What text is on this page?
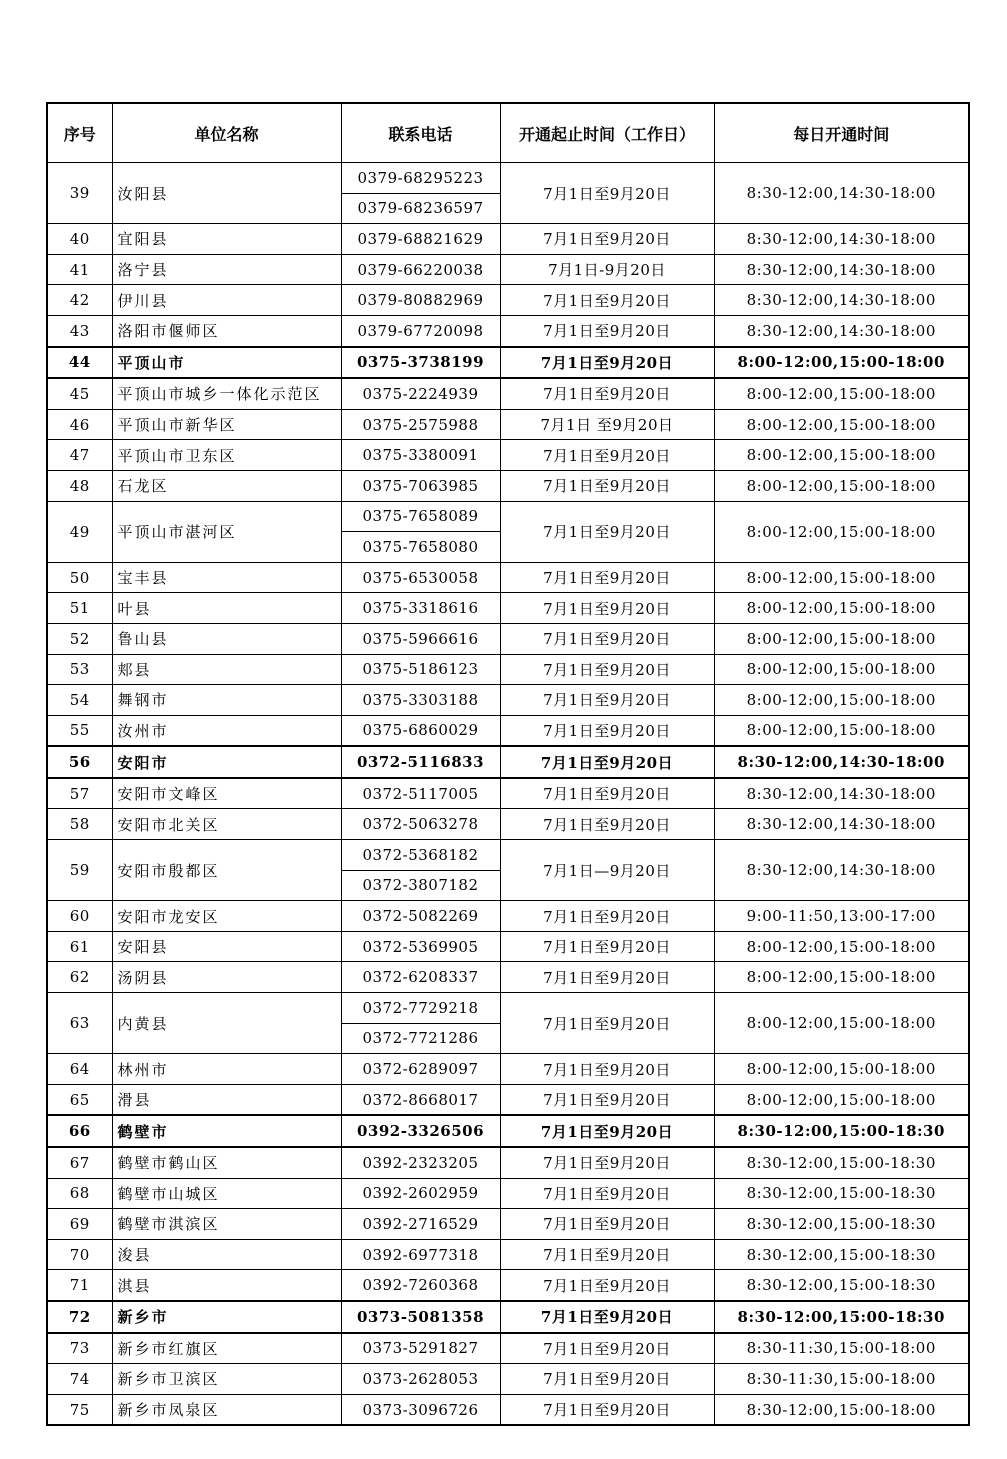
序号	单位名称	联系电话	开通起止时间（工作日）	每日开通时间
39	汝阳县	0379-68295223	7月1日至9月20日	8:30-12:00,14:30-18:00
		0379-68236597		
40	宜阳县	0379-68821629	7月1日至9月20日	8:30-12:00,14:30-18:00
41	洛宁县	0379-66220038	7月1日-9月20日	8:30-12:00,14:30-18:00
42	伊川县	0379-80882969	7月1日至9月20日	8:30-12:00,14:30-18:00
43	洛阳市偃师区	0379-67720098	7月1日至9月20日	8:30-12:00,14:30-18:00
44	平顶山市	0375-3738199	7月1日至9月20日	8:00-12:00,15:00-18:00
45	平顶山市城乡一体化示范区	0375-2224939	7月1日至9月20日	8:00-12:00,15:00-18:00
46	平顶山市新华区	0375-2575988	7月1日 至9月20日	8:00-12:00,15:00-18:00
47	平顶山市卫东区	0375-3380091	7月1日至9月20日	8:00-12:00,15:00-18:00
48	石龙区	0375-7063985	7月1日至9月20日	8:00-12:00,15:00-18:00
49	平顶山市湛河区	0375-7658089	7月1日至9月20日	8:00-12:00,15:00-18:00
		0375-7658080		
50	宝丰县	0375-6530058	7月1日至9月20日	8:00-12:00,15:00-18:00
51	叶县	0375-3318616	7月1日至9月20日	8:00-12:00,15:00-18:00
52	鲁山县	0375-5966616	7月1日至9月20日	8:00-12:00,15:00-18:00
53	郏县	0375-5186123	7月1日至9月20日	8:00-12:00,15:00-18:00
54	舞钢市	0375-3303188	7月1日至9月20日	8:00-12:00,15:00-18:00
55	汝州市	0375-6860029	7月1日至9月20日	8:00-12:00,15:00-18:00
56	安阳市	0372-5116833	7月1日至9月20日	8:30-12:00,14:30-18:00
57	安阳市文峰区	0372-5117005	7月1日至9月20日	8:30-12:00,14:30-18:00
58	安阳市北关区	0372-5063278	7月1日至9月20日	8:30-12:00,14:30-18:00
59	安阳市殷都区	0372-5368182	7月1日—9月20日	8:30-12:00,14:30-18:00
		0372-3807182		
60	安阳市龙安区	0372-5082269	7月1日至9月20日	9:00-11:50,13:00-17:00
61	安阳县	0372-5369905	7月1日至9月20日	8:00-12:00,15:00-18:00
62	汤阴县	0372-6208337	7月1日至9月20日	8:00-12:00,15:00-18:00
63	内黄县	0372-7729218	7月1日至9月20日	8:00-12:00,15:00-18:00
		0372-7721286		
64	林州市	0372-6289097	7月1日至9月20日	8:00-12:00,15:00-18:00
65	滑县	0372-8668017	7月1日至9月20日	8:00-12:00,15:00-18:00
66	鹤壁市	0392-3326506	7月1日至9月20日	8:30-12:00,15:00-18:30
67	鹤壁市鹤山区	0392-2323205	7月1日至9月20日	8:30-12:00,15:00-18:30
68	鹤壁市山城区	0392-2602959	7月1日至9月20日	8:30-12:00,15:00-18:30
69	鹤壁市淇滨区	0392-2716529	7月1日至9月20日	8:30-12:00,15:00-18:30
70	浚县	0392-6977318	7月1日至9月20日	8:30-12:00,15:00-18:30
71	淇县	0392-7260368	7月1日至9月20日	8:30-12:00,15:00-18:30
72	新乡市	0373-5081358	7月1日至9月20日	8:30-12:00,15:00-18:30
73	新乡市红旗区	0373-5291827	7月1日至9月20日	8:30-11:30,15:00-18:00
74	新乡市卫滨区	0373-2628053	7月1日至9月20日	8:30-11:30,15:00-18:00
75	新乡市凤泉区	0373-3096726	7月1日至9月20日	8:30-12:00,15:00-18:00
